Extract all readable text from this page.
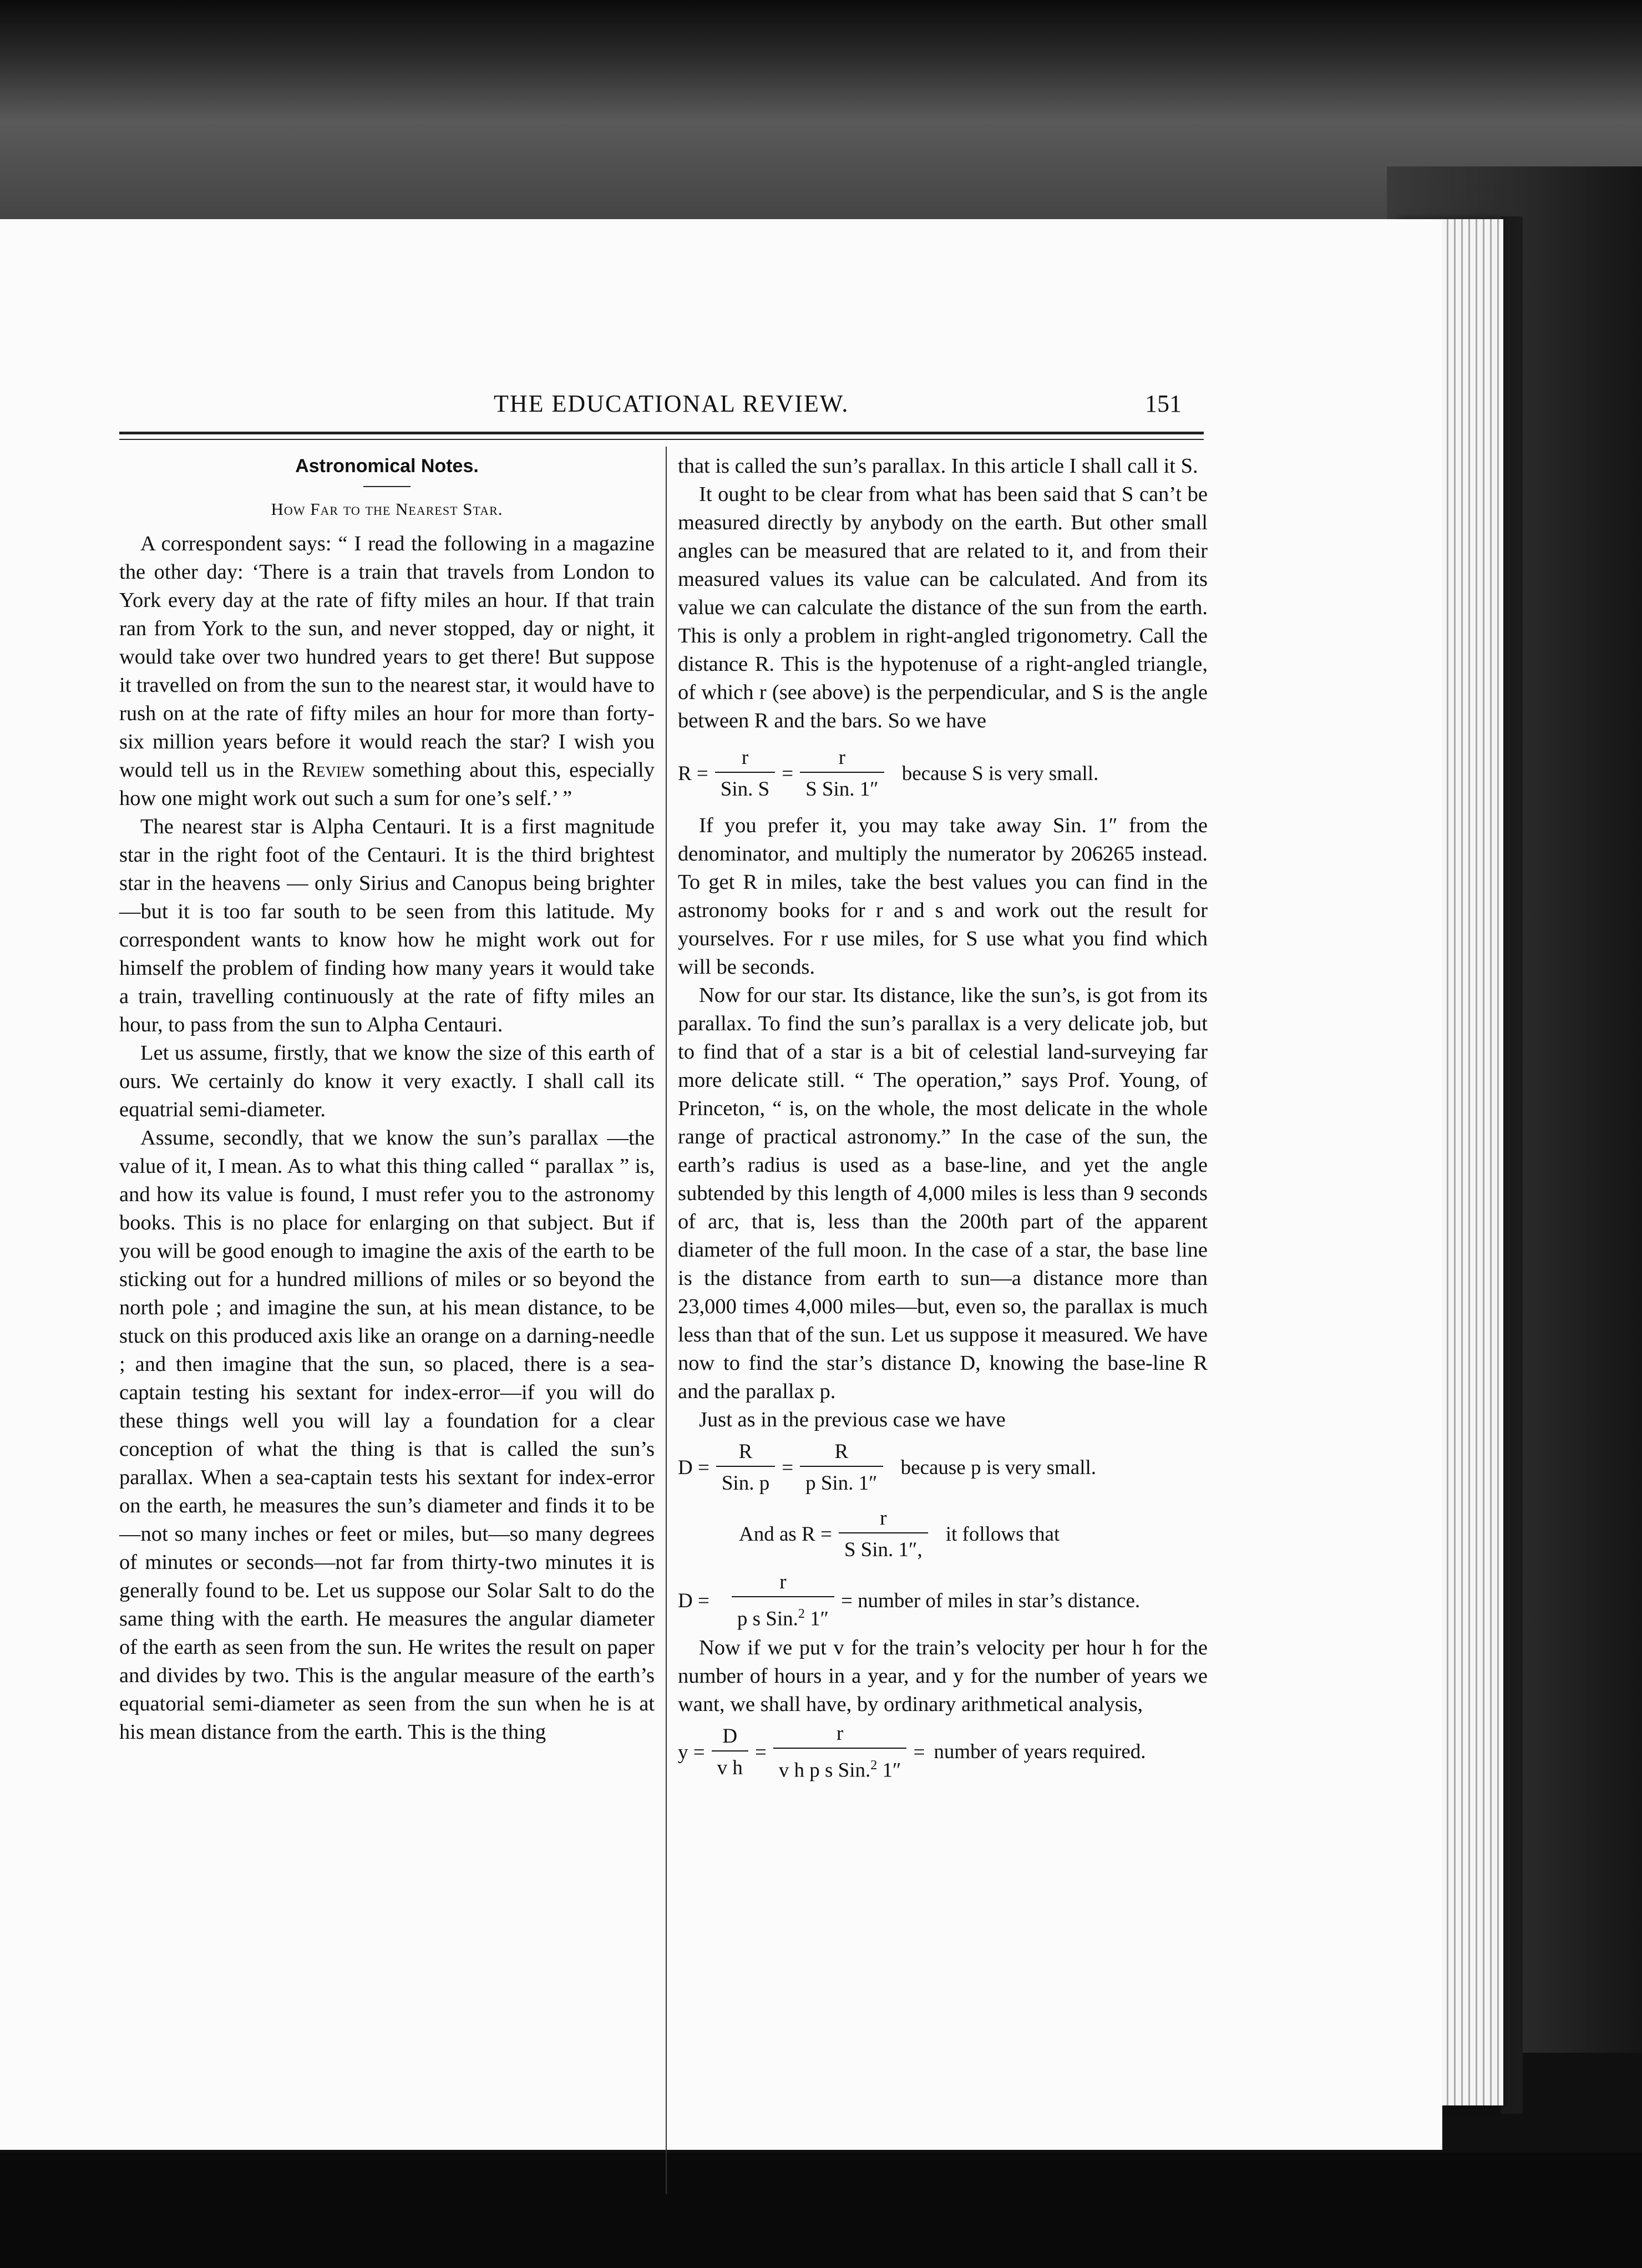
THE EDUCATIONAL REVIEW.	151
Astronomical Notes.
How Far to the Nearest Star.

A correspondent says: “ I read the following in a magazine the other day: ‘There is a train that travels from London to York every day at the rate of fifty miles an hour. If that train ran from York to the sun, and never stopped, day or night, it would take over two hundred years to get there! But suppose it travelled on from the sun to the nearest star, it would have to rush on at the rate of fifty miles an hour for more than forty-six million years before it would reach the star? I wish you would tell us in the Review something about this, especially how one might work out such a sum for one’s self.’ ”

The nearest star is Alpha Centauri. It is a first magnitude star in the right foot of the Centauri. It is the third brightest star in the heavens — only Sirius and Canopus being brighter—but it is too far south to be seen from this latitude. My correspondent wants to know how he might work out for himself the problem of finding how many years it would take a train, travelling continuously at the rate of fifty miles an hour, to pass from the sun to Alpha Centauri.

Let us assume, firstly, that we know the size of this earth of ours. We certainly do know it very exactly. I shall call its equatrial semi-diameter.

Assume, secondly, that we know the sun’s parallax —the value of it, I mean. As to what this thing called “ parallax ” is, and how its value is found, I must refer you to the astronomy books. This is no place for enlarging on that subject. But if you will be good enough to imagine the axis of the earth to be sticking out for a hundred millions of miles or so beyond the north pole ; and imagine the sun, at his mean distance, to be stuck on this produced axis like an orange on a darning-needle ; and then imagine that the sun, so placed, there is a sea-captain testing his sextant for index-error—if you will do these things well you will lay a foundation for a clear conception of what the thing is that is called the sun’s parallax. When a sea-captain tests his sextant for index-error on the earth, he measures the sun’s diameter and finds it to be—not so many inches or feet or miles, but—so many degrees of minutes or seconds—not far from thirty-two minutes it is generally found to be. Let us suppose our Solar Salt to do the same thing with the earth. He measures the angular diameter of the earth as seen from the sun. He writes the result on paper and divides by two. This is the angular measure of the earth’s equatorial semi-diameter as seen from the sun when he is at his mean distance from the earth. This is the thing

that is called the sun’s parallax. In this article I shall call it S.

It ought to be clear from what has been said that S can’t be measured directly by anybody on the earth. But other small angles can be measured that are related to it, and from their measured values its value can be calculated. And from its value we can calculate the distance of the sun from the earth. This is only a problem in right-angled trigonometry. Call the distance R. This is the hypotenuse of a right-angled triangle, of which r (see above) is the perpendicular, and S is the angle between R and the bars. So we have

$R = \frac{r}{\text{Sin. S}} = \frac{r}{\text{S Sin. 1″}}$ because S is very small.

If you prefer it, you may take away Sin. 1″ from the denominator, and multiply the numerator by 206265 instead. To get R in miles, take the best values you can find in the astronomy books for r and s and work out the result for yourselves. For r use miles, for S use what you find which will be seconds.

Now for our star. Its distance, like the sun’s, is got from its parallax. To find the sun’s parallax is a very delicate job, but to find that of a star is a bit of celestial land-surveying far more delicate still. “ The operation,” says Prof. Young, of Princeton, “ is, on the whole, the most delicate in the whole range of practical astronomy.” In the case of the sun, the earth’s radius is used as a base-line, and yet the angle subtended by this length of 4,000 miles is less than 9 seconds of arc, that is, less than the 200th part of the apparent diameter of the full moon. In the case of a star, the base line is the distance from earth to sun—a distance more than 23,000 times 4,000 miles—but, even so, the parallax is much less than that of the sun. Let us suppose it measured. We have now to find the star’s distance D, knowing the base-line R and the parallax p.

Just as in the previous case we have

$D = \frac{R}{\text{Sin. p}} = \frac{R}{\text{p Sin. 1″}}$ because p is very small.
And as $R = \frac{r}{\text{S Sin. 1″,}}$ it follows that
$D = \frac{r}{p s Sin.^2 1''}$ = number of miles in star’s distance.

Now if we put v for the train’s velocity per hour h for the number of hours in a year, and y for the number of years we want, we shall have, by ordinary arithmetical analysis,

$y = \frac{D}{\text{v h}} = \frac{r}{v h p s Sin.^2 1''}$ = number of years required.
